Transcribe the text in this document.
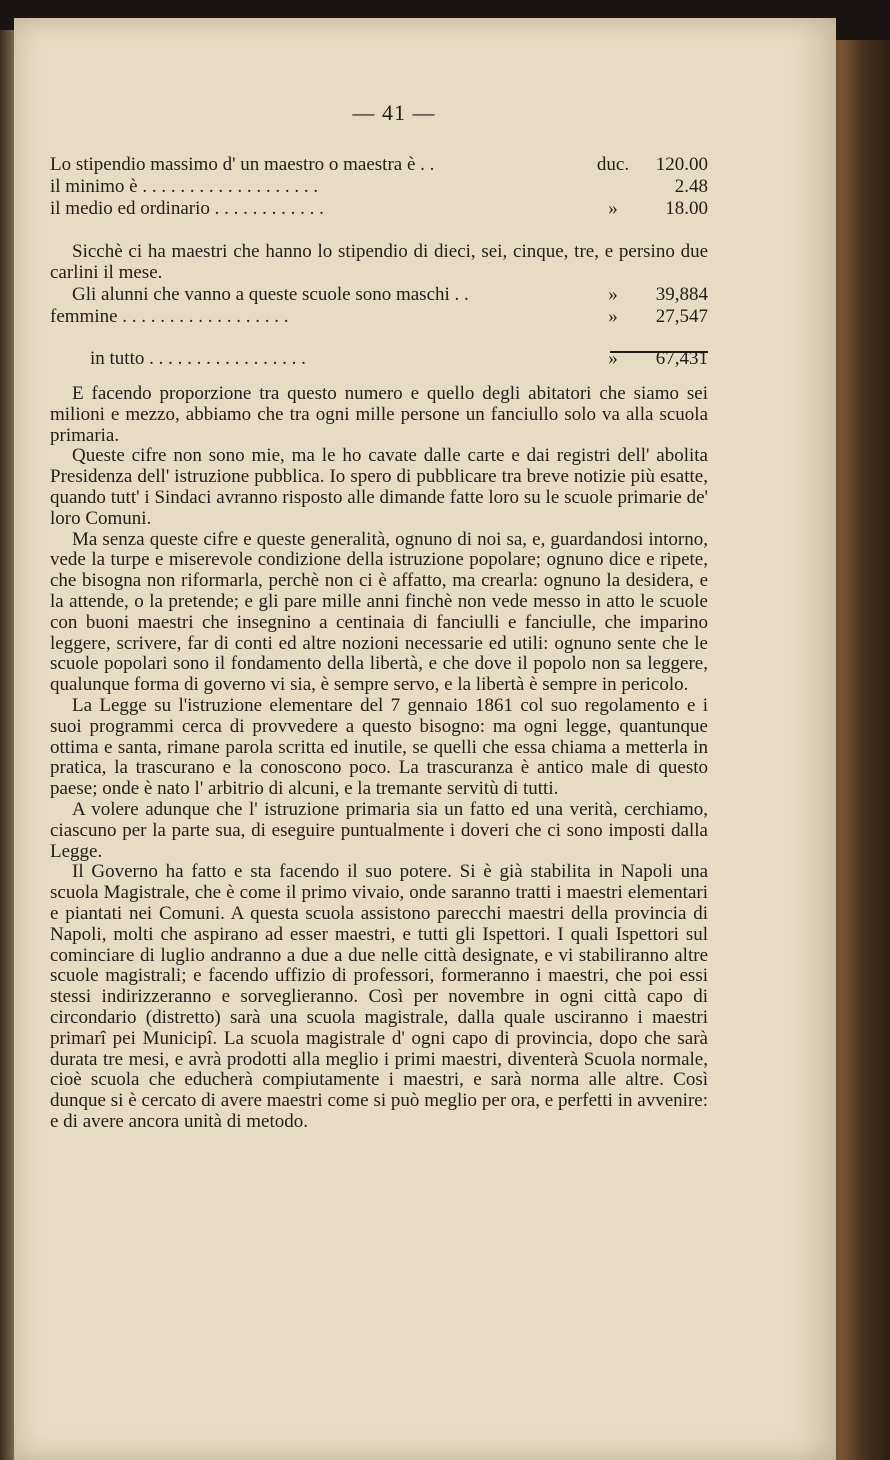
— 41 —
Lo stipendio massimo d' un maestro o maestra è . .	duc.	120.00
il minimo è . . . . . . . . . . . . . . . . . . .	2.48
il medio ed ordinario . . . . . . . . . . . .	»	18.00

Sicchè ci ha maestri che hanno lo stipendio di dieci, sei, cinque, tre, e persino due carlini il mese.

Gli alunni che vanno a queste scuole sono maschi . .	»	39,884
femmine . . . . . . . . . . . . . . . . . .	»	27,547
in tutto . . . . . . . . . . . . . . . . .	»	67,431

E facendo proporzione tra questo numero e quello degli abitatori che siamo sei milioni e mezzo, abbiamo che tra ogni mille persone un fanciullo solo va alla scuola primaria.

Queste cifre non sono mie, ma le ho cavate dalle carte e dai registri dell' abolita Presidenza dell' istruzione pubblica. Io spero di pubblicare tra breve notizie più esatte, quando tutt' i Sindaci avranno risposto alle dimande fatte loro su le scuole primarie de' loro Comuni.

Ma senza queste cifre e queste generalità, ognuno di noi sa, e, guardandosi intorno, vede la turpe e miserevole condizione della istruzione popolare; ognuno dice e ripete, che bisogna non riformarla, perchè non ci è affatto, ma crearla: ognuno la desidera, e la attende, o la pretende; e gli pare mille anni finchè non vede messo in atto le scuole con buoni maestri che insegnino a centinaia di fanciulli e fanciulle, che imparino leggere, scrivere, far di conti ed altre nozioni necessarie ed utili: ognuno sente che le scuole popolari sono il fondamento della libertà, e che dove il popolo non sa leggere, qualunque forma di governo vi sia, è sempre servo, e la libertà è sempre in pericolo.

La Legge su l'istruzione elementare del 7 gennaio 1861 col suo regolamento e i suoi programmi cerca di provvedere a questo bisogno: ma ogni legge, quantunque ottima e santa, rimane parola scritta ed inutile, se quelli che essa chiama a metterla in pratica, la trascurano e la conoscono poco. La trascuranza è antico male di questo paese; onde è nato l' arbitrio di alcuni, e la tremante servitù di tutti.

A volere adunque che l' istruzione primaria sia un fatto ed una verità, cerchiamo, ciascuno per la parte sua, di eseguire puntualmente i doveri che ci sono imposti dalla Legge.

Il Governo ha fatto e sta facendo il suo potere. Si è già stabilita in Napoli una scuola Magistrale, che è come il primo vivaio, onde saranno tratti i maestri elementari e piantati nei Comuni. A questa scuola assistono parecchi maestri della provincia di Napoli, molti che aspirano ad esser maestri, e tutti gli Ispettori. I quali Ispettori sul cominciare di luglio andranno a due a due nelle città designate, e vi stabiliranno altre scuole magistrali; e facendo uffizio di professori, formeranno i maestri, che poi essi stessi indirizzeranno e sorveglieranno. Così per novembre in ogni città capo di circondario (distretto) sarà una scuola magistrale, dalla quale usciranno i maestri primarî pei Municipî. La scuola magistrale d' ogni capo di provincia, dopo che sarà durata tre mesi, e avrà prodotti alla meglio i primi maestri, diventerà Scuola normale, cioè scuola che educherà compiutamente i maestri, e sarà norma alle altre. Così dunque si è cercato di avere maestri come si può meglio per ora, e perfetti in avvenire: e di avere ancora unità di metodo.
